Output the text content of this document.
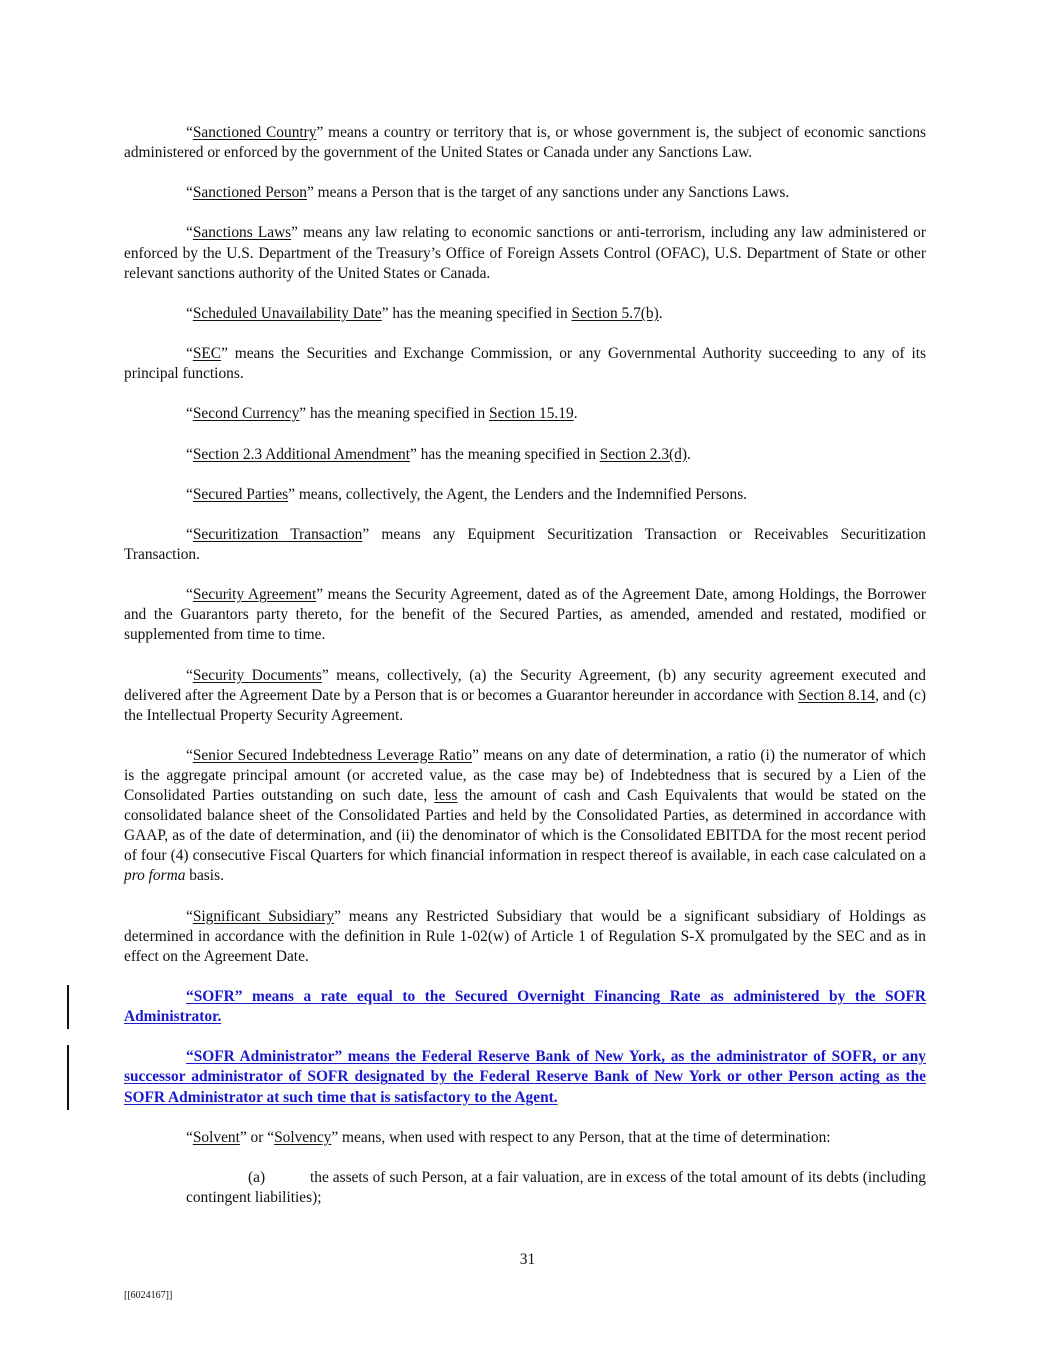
“Sanctioned Country” means a country or territory that is, or whose government is, the subject of economic sanctions administered or enforced by the government of the United States or Canada under any Sanctions Law.

“Sanctioned Person” means a Person that is the target of any sanctions under any Sanctions Laws.

“Sanctions Laws” means any law relating to economic sanctions or anti-terrorism, including any law administered or enforced by the U.S. Department of the Treasury’s Office of Foreign Assets Control (OFAC), U.S. Department of State or other relevant sanctions authority of the United States or Canada.

“Scheduled Unavailability Date” has the meaning specified in Section 5.7(b).

“SEC” means the Securities and Exchange Commission, or any Governmental Authority succeeding to any of its principal functions.

“Second Currency” has the meaning specified in Section 15.19.

“Section 2.3 Additional Amendment” has the meaning specified in Section 2.3(d).

“Secured Parties” means, collectively, the Agent, the Lenders and the Indemnified Persons.

“Securitization Transaction” means any Equipment Securitization Transaction or Receivables Securitization Transaction.

“Security Agreement” means the Security Agreement, dated as of the Agreement Date, among Holdings, the Borrower and the Guarantors party thereto, for the benefit of the Secured Parties, as amended, amended and restated, modified or supplemented from time to time.

“Security Documents” means, collectively, (a) the Security Agreement, (b) any security agreement executed and delivered after the Agreement Date by a Person that is or becomes a Guarantor hereunder in accordance with Section 8.14, and (c) the Intellectual Property Security Agreement.

“Senior Secured Indebtedness Leverage Ratio” means on any date of determination, a ratio (i) the numerator of which is the aggregate principal amount (or accreted value, as the case may be) of Indebtedness that is secured by a Lien of the Consolidated Parties outstanding on such date, less the amount of cash and Cash Equivalents that would be stated on the consolidated balance sheet of the Consolidated Parties and held by the Consolidated Parties, as determined in accordance with GAAP, as of the date of determination, and (ii) the denominator of which is the Consolidated EBITDA for the most recent period of four (4) consecutive Fiscal Quarters for which financial information in respect thereof is available, in each case calculated on a pro forma basis.

“Significant Subsidiary” means any Restricted Subsidiary that would be a significant subsidiary of Holdings as determined in accordance with the definition in Rule 1-02(w) of Article 1 of Regulation S-X promulgated by the SEC and as in effect on the Agreement Date.

“SOFR” means a rate equal to the Secured Overnight Financing Rate as administered by the SOFR Administrator.

“SOFR Administrator” means the Federal Reserve Bank of New York, as the administrator of SOFR, or any successor administrator of SOFR designated by the Federal Reserve Bank of New York or other Person acting as the SOFR Administrator at such time that is satisfactory to the Agent.

“Solvent” or “Solvency” means, when used with respect to any Person, that at the time of determination:

(a)	the assets of such Person, at a fair valuation, are in excess of the total amount of its debts (including contingent liabilities);

31
[[6024167]]
